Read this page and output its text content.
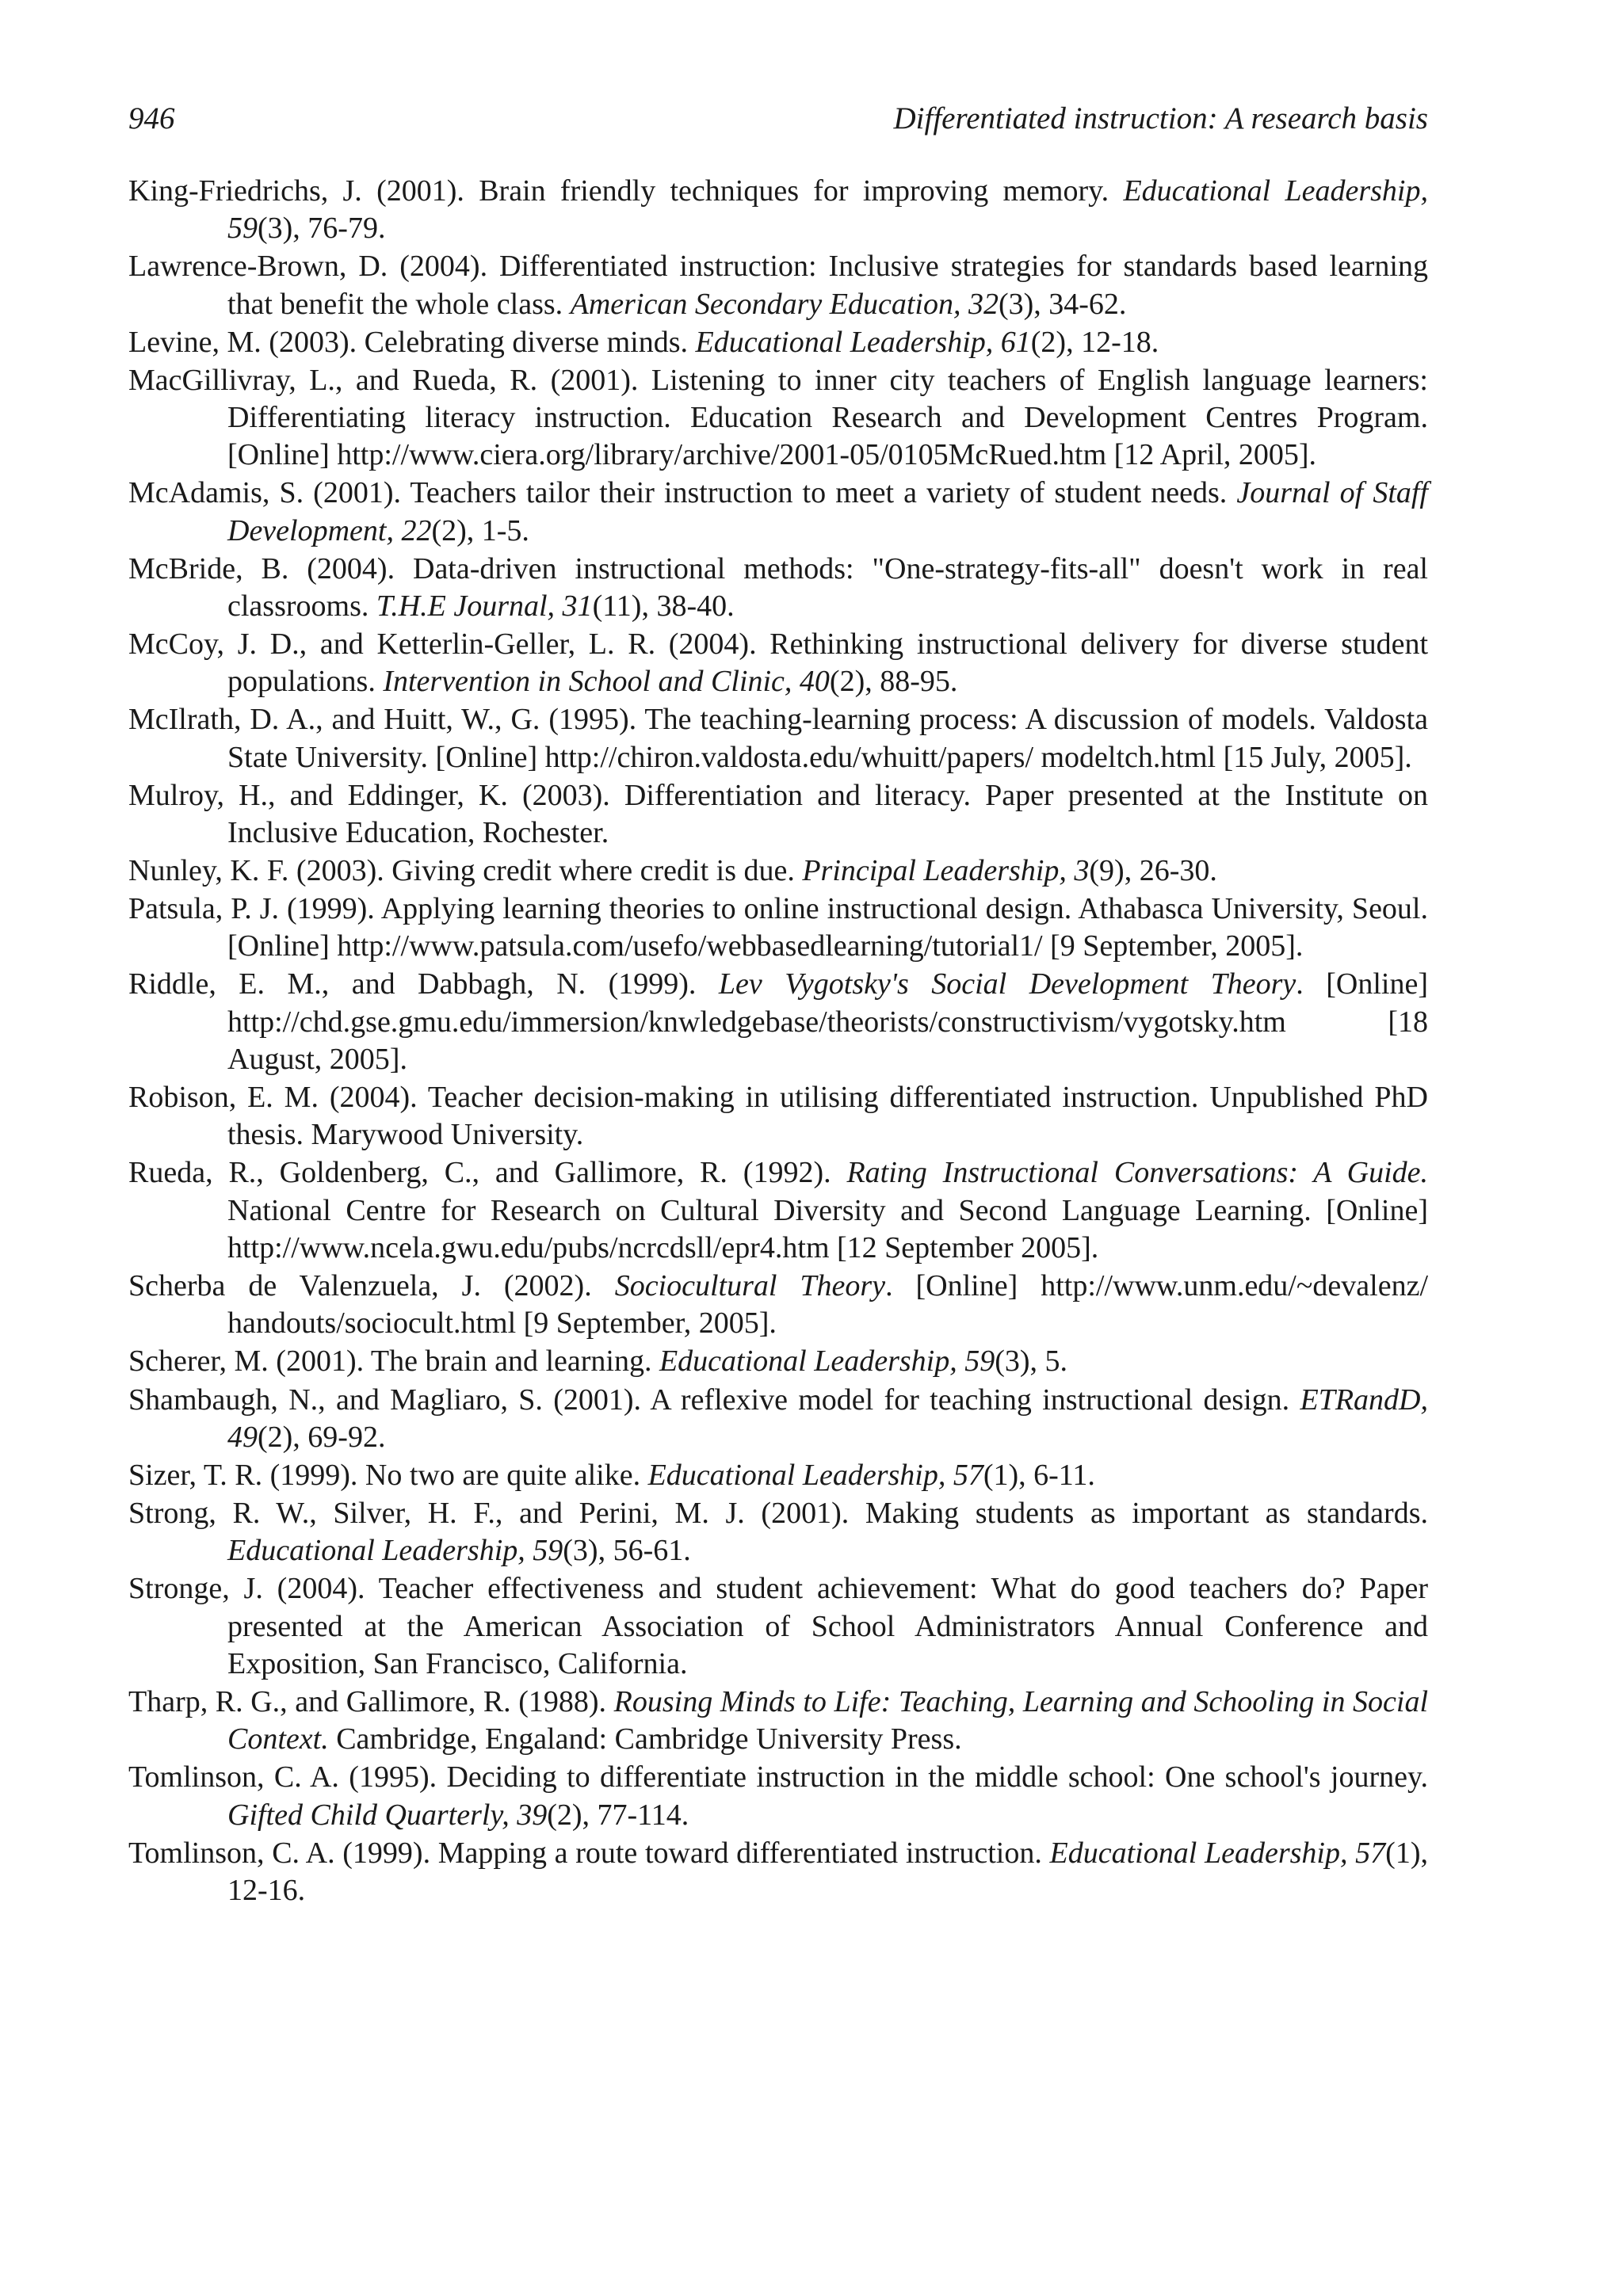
946	Differentiated instruction: A research basis

King-Friedrichs, J. (2001). Brain friendly techniques for improving memory. Educational Leadership, 59(3), 76-79.

Lawrence-Brown, D. (2004). Differentiated instruction: Inclusive strategies for standards based learning that benefit the whole class. American Secondary Education, 32(3), 34-62.

Levine, M. (2003). Celebrating diverse minds. Educational Leadership, 61(2), 12-18.

MacGillivray, L., and Rueda, R. (2001). Listening to inner city teachers of English language learners: Differentiating literacy instruction. Education Research and Development Centres Program. [Online] http://www.ciera.org/library/archive/2001-05/0105McRued.htm [12 April, 2005].

McAdamis, S. (2001). Teachers tailor their instruction to meet a variety of student needs. Journal of Staff Development, 22(2), 1-5.

McBride, B. (2004). Data-driven instructional methods: "One-strategy-fits-all" doesn't work in real classrooms. T.H.E Journal, 31(11), 38-40.

McCoy, J. D., and Ketterlin-Geller, L. R. (2004). Rethinking instructional delivery for diverse student populations. Intervention in School and Clinic, 40(2), 88-95.

McIlrath, D. A., and Huitt, W., G. (1995). The teaching-learning process: A discussion of models. Valdosta State University. [Online] http://chiron.valdosta.edu/whuitt/papers/ modeltch.html [15 July, 2005].

Mulroy, H., and Eddinger, K. (2003). Differentiation and literacy. Paper presented at the Institute on Inclusive Education, Rochester.

Nunley, K. F. (2003). Giving credit where credit is due. Principal Leadership, 3(9), 26-30.

Patsula, P. J. (1999). Applying learning theories to online instructional design. Athabasca University, Seoul. [Online] http://www.patsula.com/usefo/webbasedlearning/tutorial1/ [9 September, 2005].

Riddle, E. M., and Dabbagh, N. (1999). Lev Vygotsky's Social Development Theory. [Online] http://chd.gse.gmu.edu/immersion/knwledgebase/theorists/constructivism/vygotsky.htm [18 August, 2005].

Robison, E. M. (2004). Teacher decision-making in utilising differentiated instruction. Unpublished PhD thesis. Marywood University.

Rueda, R., Goldenberg, C., and Gallimore, R. (1992). Rating Instructional Conversations: A Guide. National Centre for Research on Cultural Diversity and Second Language Learning. [Online] http://www.ncela.gwu.edu/pubs/ncrcdsll/epr4.htm [12 September 2005].

Scherba de Valenzuela, J. (2002). Sociocultural Theory. [Online] http://www.unm.edu/~devalenz/ handouts/sociocult.html [9 September, 2005].

Scherer, M. (2001). The brain and learning. Educational Leadership, 59(3), 5.

Shambaugh, N., and Magliaro, S. (2001). A reflexive model for teaching instructional design. ETRandD, 49(2), 69-92.

Sizer, T. R. (1999). No two are quite alike. Educational Leadership, 57(1), 6-11.

Strong, R. W., Silver, H. F., and Perini, M. J. (2001). Making students as important as standards. Educational Leadership, 59(3), 56-61.

Stronge, J. (2004). Teacher effectiveness and student achievement: What do good teachers do? Paper presented at the American Association of School Administrators Annual Conference and Exposition, San Francisco, California.

Tharp, R. G., and Gallimore, R. (1988). Rousing Minds to Life: Teaching, Learning and Schooling in Social Context. Cambridge, Engaland: Cambridge University Press.

Tomlinson, C. A. (1995). Deciding to differentiate instruction in the middle school: One school's journey. Gifted Child Quarterly, 39(2), 77-114.

Tomlinson, C. A. (1999). Mapping a route toward differentiated instruction. Educational Leadership, 57(1), 12-16.
